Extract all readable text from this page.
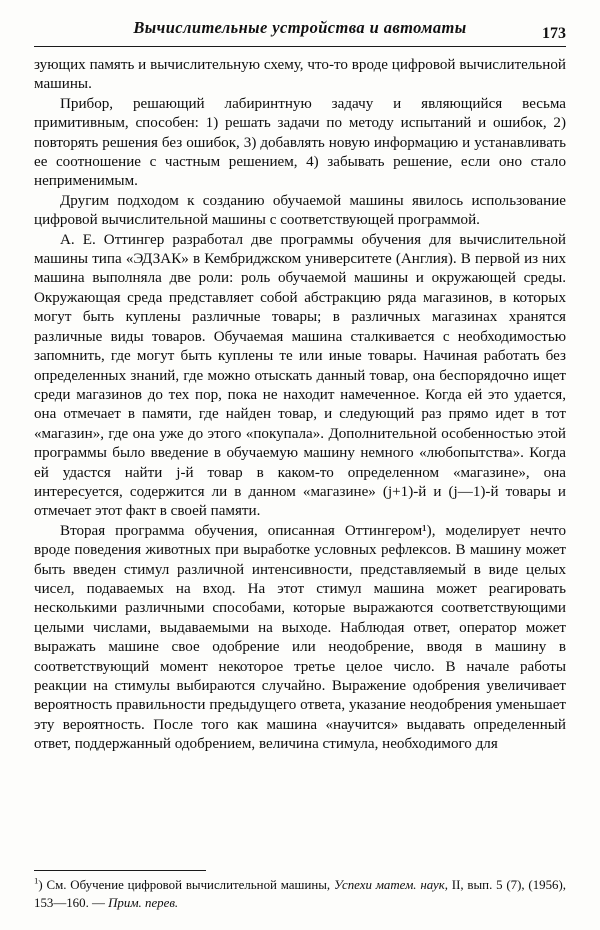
Вычислительные устройства и автоматы	173

зующих память и вычислительную схему, что-то вроде цифровой вычислительной машины.

Прибор, решающий лабиринтную задачу и являющийся весьма примитивным, способен: 1) решать задачи по методу испытаний и ошибок, 2) повторять решения без ошибок, 3) добавлять новую информацию и устанавливать ее соотношение с частным решением, 4) забывать решение, если оно стало неприменимым.

Другим подходом к созданию обучаемой машины явилось использование цифровой вычислительной машины с соответствующей программой.

А. Е. Оттингер разработал две программы обучения для вычислительной машины типа «ЭДЗАК» в Кембриджском университете (Англия). В первой из них машина выполняла две роли: роль обучаемой машины и окружающей среды. Окружающая среда представляет собой абстракцию ряда магазинов, в которых могут быть куплены различные товары; в различных магазинах хранятся различные виды товаров. Обучаемая машина сталкивается с необходимостью запомнить, где могут быть куплены те или иные товары. Начиная работать без определенных знаний, где можно отыскать данный товар, она беспорядочно ищет среди магазинов до тех пор, пока не находит намеченное. Когда ей это удается, она отмечает в памяти, где найден товар, и следующий раз прямо идет в тот «магазин», где она уже до этого «покупала». Дополнительной особенностью этой программы было введение в обучаемую машину немного «любопытства». Когда ей удастся найти j-й товар в каком-то определенном «магазине», она интересуется, содержится ли в данном «магазине» (j+1)-й и (j—1)-й товары и отмечает этот факт в своей памяти.

Вторая программа обучения, описанная Оттингером¹), моделирует нечто вроде поведения животных при выработке условных рефлексов. В машину может быть введен стимул различной интенсивности, представляемый в виде целых чисел, подаваемых на вход. На этот стимул машина может реагировать несколькими различными способами, которые выражаются соответствующими целыми числами, выдаваемыми на выходе. Наблюдая ответ, оператор может выражать машине свое одобрение или неодобрение, вводя в машину в соответствующий момент некоторое третье целое число. В начале работы реакции на стимулы выбираются случайно. Выражение одобрения увеличивает вероятность правильности предыдущего ответа, указание неодобрения уменьшает эту вероятность. После того как машина «научится» выдавать определенный ответ, поддержанный одобрением, величина стимула, необходимого для

$^1$) См. Обучение цифровой вычислительной машины, Успехи матем. наук, II, вып. 5 (7), (1956), 153—160. — Прим. перев.
